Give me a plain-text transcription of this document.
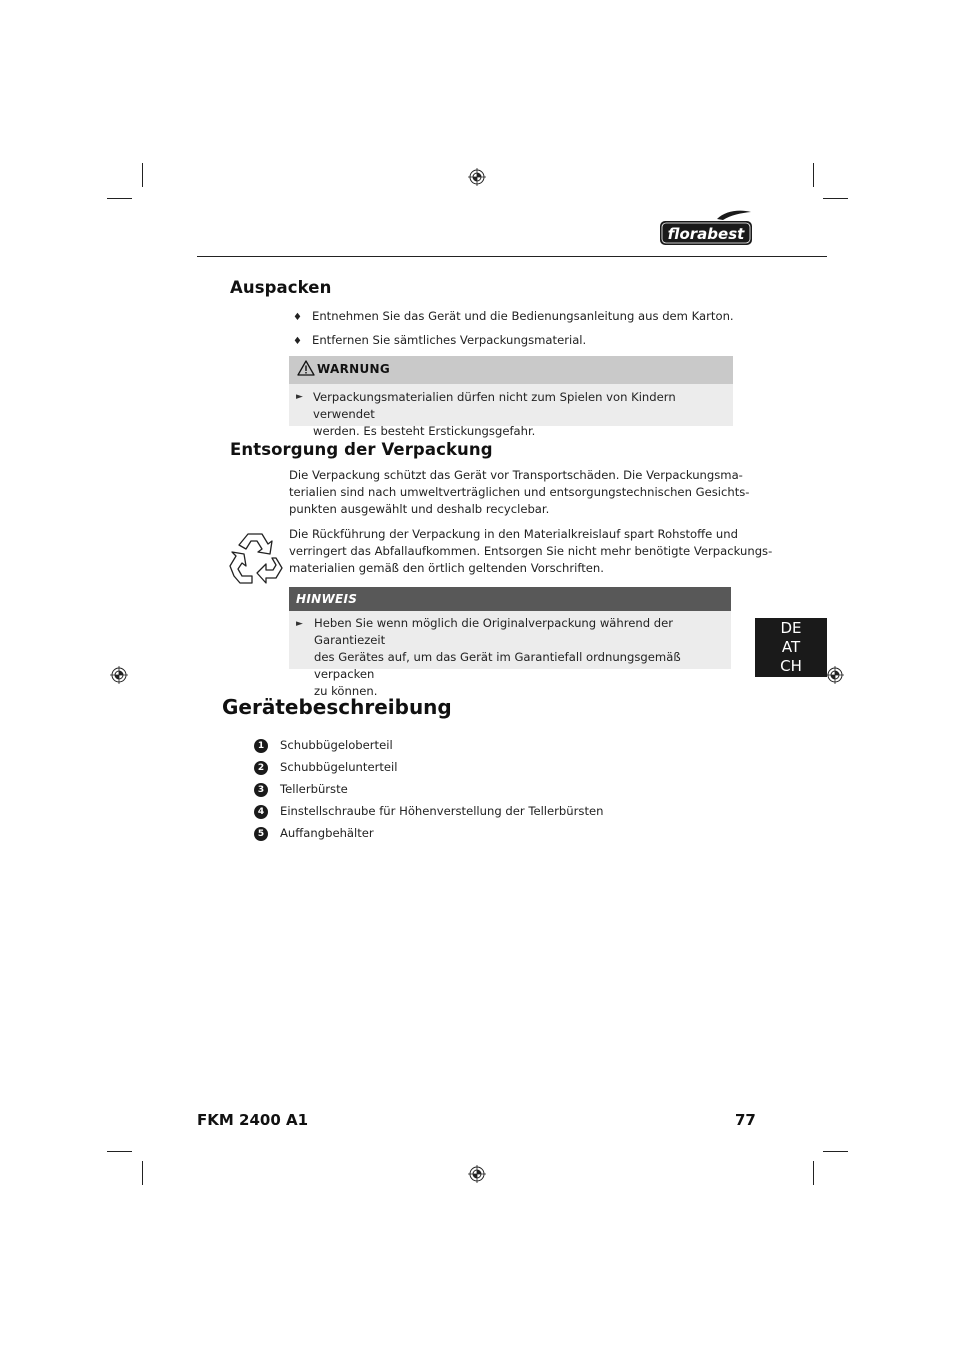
florabest
Auspacken
♦ Entnehmen Sie das Gerät und die Bedienungsanleitung aus dem Karton.
♦ Entfernen Sie sämtliches Verpackungsmaterial.
WARNUNG
► Verpackungsmaterialien dürfen nicht zum Spielen von Kindern verwendet
werden. Es besteht Erstickungsgefahr.
Entsorgung der Verpackung
Die Verpackung schützt das Gerät vor Transportschäden. Die Verpackungsma-
terialien sind nach umweltverträglichen und entsorgungstechnischen Gesichts-
punkten ausgewählt und deshalb recyclebar.
Die Rückführung der Verpackung in den Materialkreislauf spart Rohstoffe und
verringert das Abfallaufkommen. Entsorgen Sie nicht mehr benötigte Verpackungs-
materialien gemäß den örtlich geltenden Vorschriften.
HINWEIS
► Heben Sie wenn möglich die Originalverpackung während der Garantiezeit
des Gerätes auf, um das Gerät im Garantiefall ordnungsgemäß verpacken
zu können.
DE
AT
CH
Gerätebeschreibung
1	Schubbügeloberteil
2	Schubbügelunterteil
3	Tellerbürste
4	Einstellschraube für Höhenverstellung der Tellerbürsten
5	Auffangbehälter
FKM 2400 A1	77
